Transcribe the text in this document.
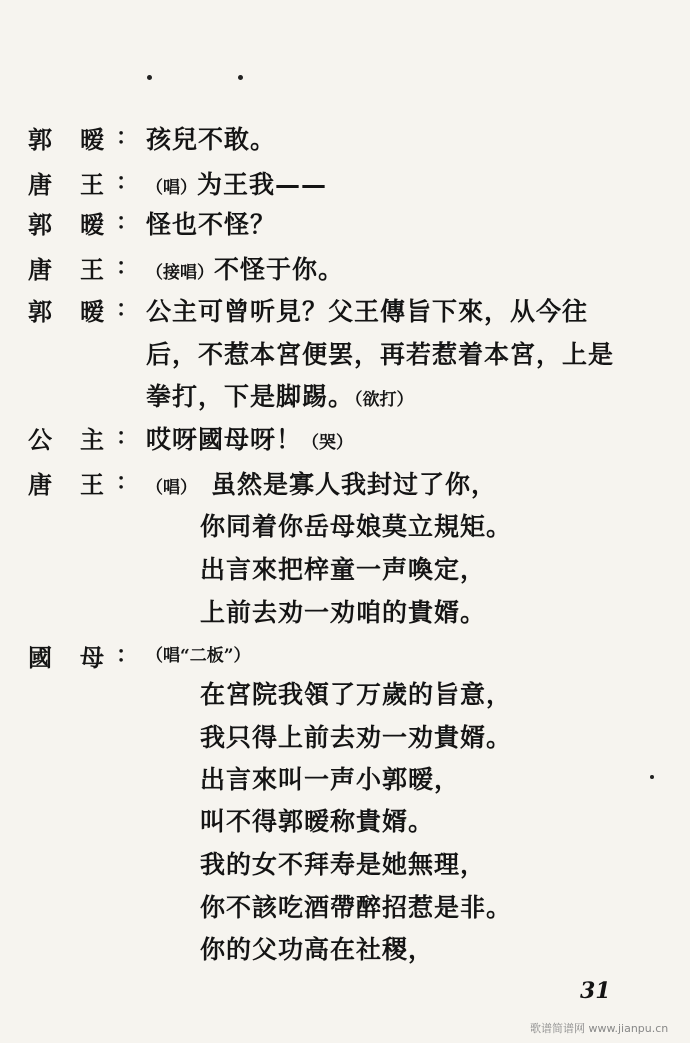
郭 暧 ： 孩兒不敢。
唐 王 ： （唱）为王我——
郭 暧 ： 怪也不怪？
唐 王 ： （接唱）不怪于你。
郭 暧 ： 公主可曾听見？父王傳旨下來，从今往
后，不惹本宮便罢，再若惹着本宮，上是
拳打，下是脚踢。（欲打）
公 主 ： 哎呀國母呀！（哭）
唐 王 ： （唱） 虽然是寡人我封过了你，
你同着你岳母娘莫立規矩。
出言來把梓童一声喚定，
上前去劝一劝咱的貴婿。
國 母 ： （唱“二板”）
在宮院我領了万歲的旨意，
我只得上前去劝一劝貴婿。
出言來叫一声小郭暧，
叫不得郭暧称貴婿。
我的女不拜寿是她無理，
你不該吃酒帶醉招惹是非。
你的父功高在社稷，
31
歌谱简谱网 www.jianpu.cn
